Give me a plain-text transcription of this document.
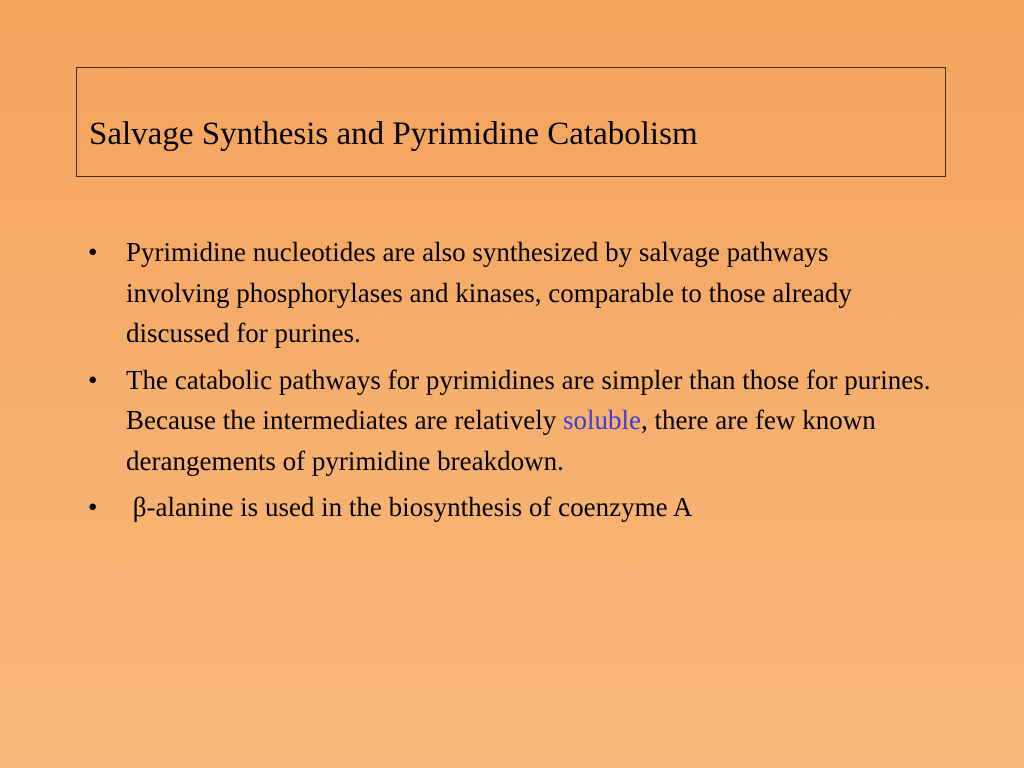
Salvage Synthesis and Pyrimidine Catabolism
• Pyrimidine nucleotides are also synthesized by salvage pathways involving phosphorylases and kinases, comparable to those already discussed for purines.
• The catabolic pathways for pyrimidines are simpler than those for purines. Because the intermediates are relatively soluble, there are few known derangements of pyrimidine breakdown.
• β-alanine is used in the biosynthesis of coenzyme A
